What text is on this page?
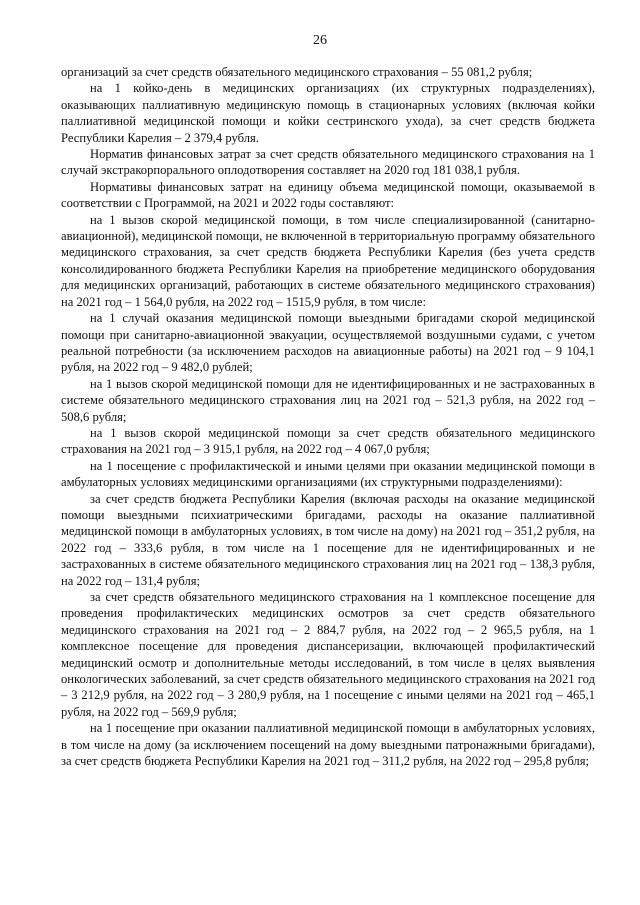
26

организаций за счет средств обязательного медицинского страхования – 55 081,2 рубля;

на 1 койко-день в медицинских организациях (их структурных подразделениях), оказывающих паллиативную медицинскую помощь в стационарных условиях (включая койки паллиативной медицинской помощи и койки сестринского ухода), за счет средств бюджета Республики Карелия – 2 379,4 рубля.

Норматив финансовых затрат за счет средств обязательного медицинского страхования на 1 случай экстракорпорального оплодотворения составляет на 2020 год 181 038,1 рубля.

Нормативы финансовых затрат на единицу объема медицинской помощи, оказываемой в соответствии с Программой, на 2021 и 2022 годы составляют:

на 1 вызов скорой медицинской помощи, в том числе специализированной (санитарно-авиационной), медицинской помощи, не включенной в территориальную программу обязательного медицинского страхования, за счет средств бюджета Республики Карелия (без учета средств консолидированного бюджета Республики Карелия на приобретение медицинского оборудования для медицинских организаций, работающих в системе обязательного медицинского страхования) на 2021 год – 1 564,0 рубля, на 2022 год – 1515,9 рубля, в том числе:

на 1 случай оказания медицинской помощи выездными бригадами скорой медицинской помощи при санитарно-авиационной эвакуации, осуществляемой воздушными судами, с учетом реальной потребности (за исключением расходов на авиационные работы) на 2021 год – 9 104,1 рубля, на 2022 год – 9 482,0 рублей;

на 1 вызов скорой медицинской помощи для не идентифицированных и не застрахованных в системе обязательного медицинского страхования лиц на 2021 год – 521,3 рубля, на 2022 год – 508,6 рубля;

на 1 вызов скорой медицинской помощи за счет средств обязательного медицинского страхования на 2021 год – 3 915,1 рубля, на 2022 год – 4 067,0 рубля;

на 1 посещение с профилактической и иными целями при оказании медицинской помощи в амбулаторных условиях медицинскими организациями (их структурными подразделениями):

за счет средств бюджета Республики Карелия (включая расходы на оказание медицинской помощи выездными психиатрическими бригадами, расходы на оказание паллиативной медицинской помощи в амбулаторных условиях, в том числе на дому) на 2021 год – 351,2 рубля, на 2022 год – 333,6 рубля, в том числе на 1 посещение для не идентифицированных и не застрахованных в системе обязательного медицинского страхования лиц на 2021 год – 138,3 рубля, на 2022 год – 131,4 рубля;

за счет средств обязательного медицинского страхования на 1 комплексное посещение для проведения профилактических медицинских осмотров за счет средств обязательного медицинского страхования на 2021 год – 2 884,7 рубля, на 2022 год – 2 965,5 рубля, на 1 комплексное посещение для проведения диспансеризации, включающей профилактический медицинский осмотр и дополнительные методы исследований, в том числе в целях выявления онкологических заболеваний, за счет средств обязательного медицинского страхования на 2021 год – 3 212,9 рубля, на 2022 год – 3 280,9 рубля, на 1 посещение с иными целями на 2021 год – 465,1 рубля, на 2022 год – 569,9 рубля;

на 1 посещение при оказании паллиативной медицинской помощи в амбулаторных условиях, в том числе на дому (за исключением посещений на дому выездными патронажными бригадами), за счет средств бюджета Республики Карелия на 2021 год – 311,2 рубля, на 2022 год – 295,8 рубля;
